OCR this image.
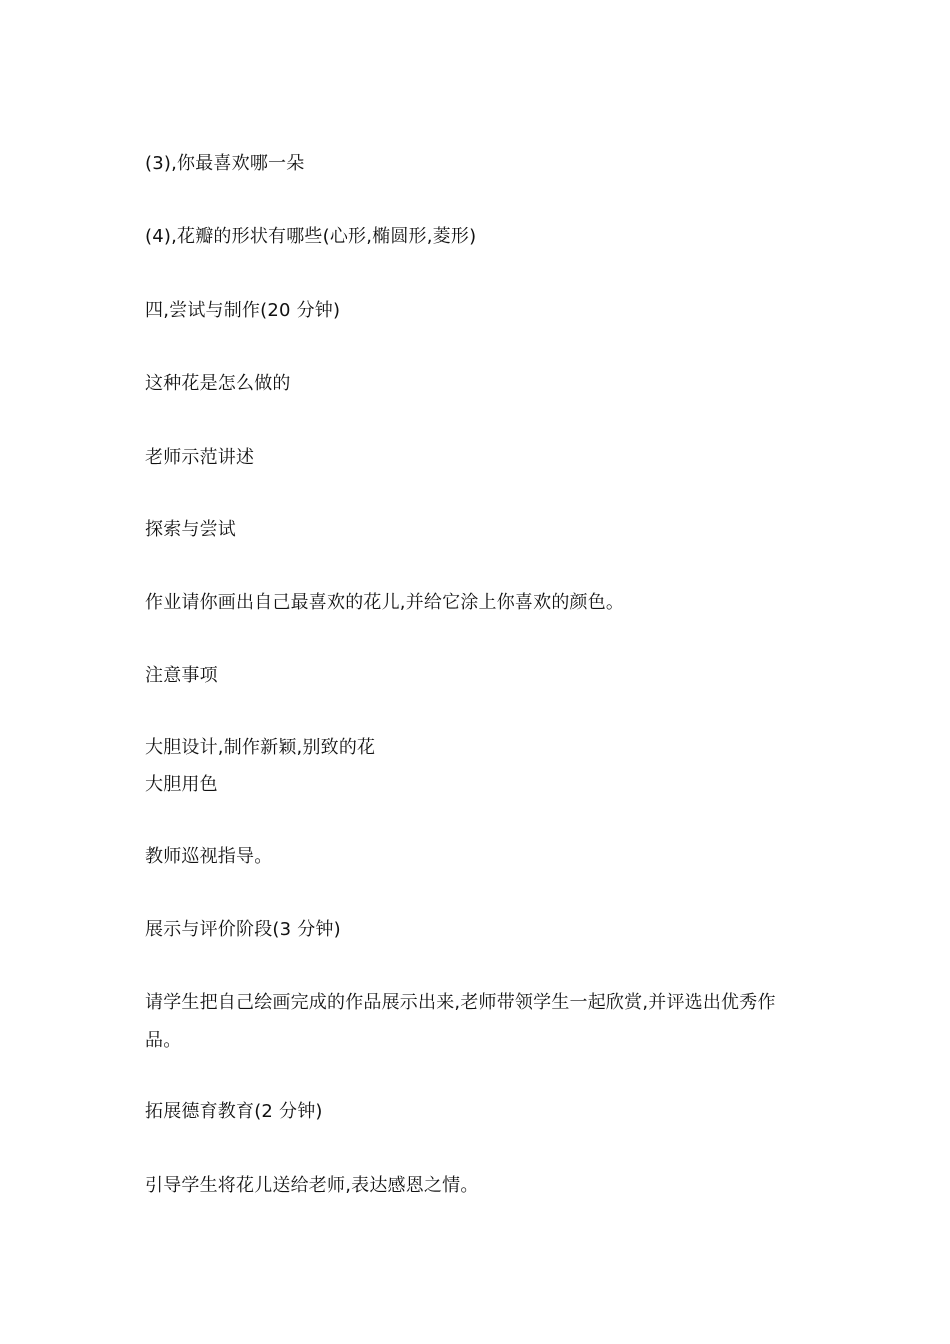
(3),你最喜欢哪一朵
(4),花瓣的形状有哪些(心形,椭圆形,菱形)
四,尝试与制作(20 分钟)
这种花是怎么做的
老师示范讲述
探索与尝试
作业请你画出自己最喜欢的花儿,并给它涂上你喜欢的颜色。
注意事项
大胆设计,制作新颖,别致的花
大胆用色
教师巡视指导。
展示与评价阶段(3 分钟)
请学生把自己绘画完成的作品展示出来,老师带领学生一起欣赏,并评选出优秀作
品。
拓展德育教育(2 分钟)
引导学生将花儿送给老师,表达感恩之情。
